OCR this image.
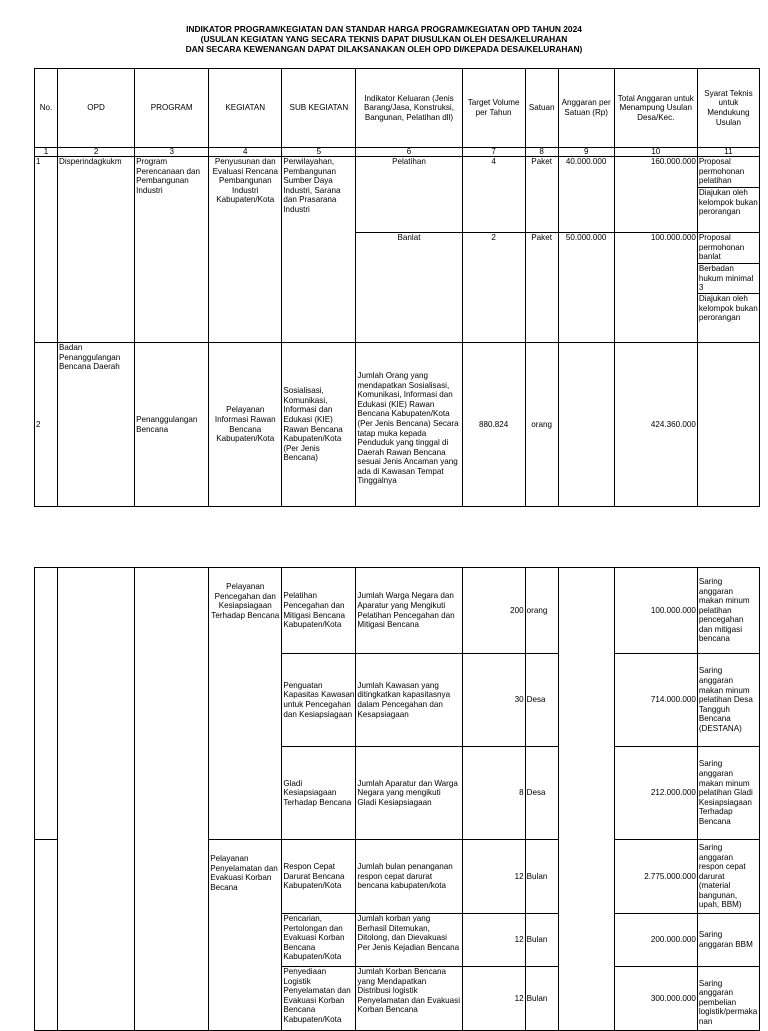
INDIKATOR PROGRAM/KEGIATAN DAN STANDAR HARGA PROGRAM/KEGIATAN OPD TAHUN 2024
(USULAN KEGIATAN YANG SECARA TEKNIS DAPAT DIUSULKAN OLEH DESA/KELURAHAN
DAN SECARA KEWENANGAN DAPAT DILAKSANAKAN OLEH OPD DI/KEPADA DESA/KELURAHAN)
No.	OPD	PROGRAM	KEGIATAN	SUB KEGIATAN	Indikator Keluaran (Jenis Barang/Jasa, Konstruksi, Bangunan, Pelatihan dll)	Target Volume per Tahun	Satuan	Anggaran per Satuan (Rp)	Total Anggaran untuk Menampung Usulan Desa/Kec.	Syarat Teknis untuk Mendukung Usulan
1	2	3	4	5	6	7	8	9	10	11
1	Disperindagkukm	Program Perencanaan dan Pembangunan Industri	Penyusunan dan Evaluasi Rencana Pembangunan Industri Kabupaten/Kota	Perwilayahan, Pembangunan Sumber Daya Industri, Sarana dan Prasarana Industri	Pelatihan	4	Paket	40.000.000	160.000.000	Proposal permohonan pelatihan
Diajukan oleh kelompok bukan perorangan

					Banlat	2	Paket	50.000.000	100.000.000	Proposal permohonan banlat
Berbadan hukum minimal 3
Diajukan oleh kelompok bukan perorangan

2	Badan Penanggulangan Bencana Daerah	Penanggulangan Bencana	Pelayanan Informasi Rawan Bencana Kabupaten/Kota	Sosialisasi, Komunikasi, Informasi dan Edukasi (KIE) Rawan Bencana Kabupaten/Kota (Per Jenis Bencana)	Jumlah Orang yang mendapatkan Sosialisasi, Komunikasi, Informasi dan Edukasi (KIE) Rawan Bencana Kabupaten/Kota (Per Jenis Bencana) Secara tatap muka kepada Penduduk yang tinggal di Daerah Rawan Bencana sesuai Jenis Ancaman yang ada di Kawasan Tempat Tinggalnya	880.824	orang		424.360.000	
			Pelayanan Pencegahan dan Kesiapsiagaan Terhadap Bencana	Pelatihan Pencegahan dan Mitigasi Bencana Kabupaten/Kota	Jumlah Warga Negara dan Aparatur yang Mengikuti Pelatihan Pencegahan dan Mitigasi Bencana	200	orang		100.000.000	Saring anggaran makan minum pelatihan pencegahan dan mitigasi bencana
				Penguatan Kapasitas Kawasan untuk Pencegahan dan Kesiapsiagaan	Jumlah Kawasan yang ditingkatkan kapasitasnya dalam Pencegahan dan Kesapsiagaan	30	Desa		714.000.000	Saring anggaran makan minum pelatihan Desa Tangguh Bencana (DESTANA)
				Gladi Kesiapsiagaan Terhadap Bencana	Jumlah Aparatur dan Warga Negara yang mengikuti Gladi Kesiapsiagaan	8	Desa		212.000.000	Saring anggaran makan minum pelatihan Gladi Kesiapsiagaan Terhadap Bencana
			Pelayanan Penyelamatan dan Evakuasi Korban Becana	Respon Cepat Darurat Bencana Kabupaten/Kota	Jumlah bulan penanganan respon cepat darurat bencana kabupaten/kota	12	Bulan		2.775.000.000	Saring anggaran respon cepat darurat (material bangunan, upah, BBM)
				Pencarian, Pertolongan dan Evakuasi Korban Bencana Kabupaten/Kota	Jumlah korban yang Berhasil Ditemukan, Ditolong, dan Dievakuasi Per Jenis Kejadian Bencana	12	Bulan		200.000.000	Saring anggaran BBM
				Penyediaan Logistik Penyelamatan dan Evakuasi Korban Bencana Kabupaten/Kota	Jumlah Korban Bencana yang Mendapatkan Distribusi logistik Penyelamatan dan Evakuasi Korban Bencana	12	Bulan		300.000.000	Saring anggaran pembelian logistik/permakanan
